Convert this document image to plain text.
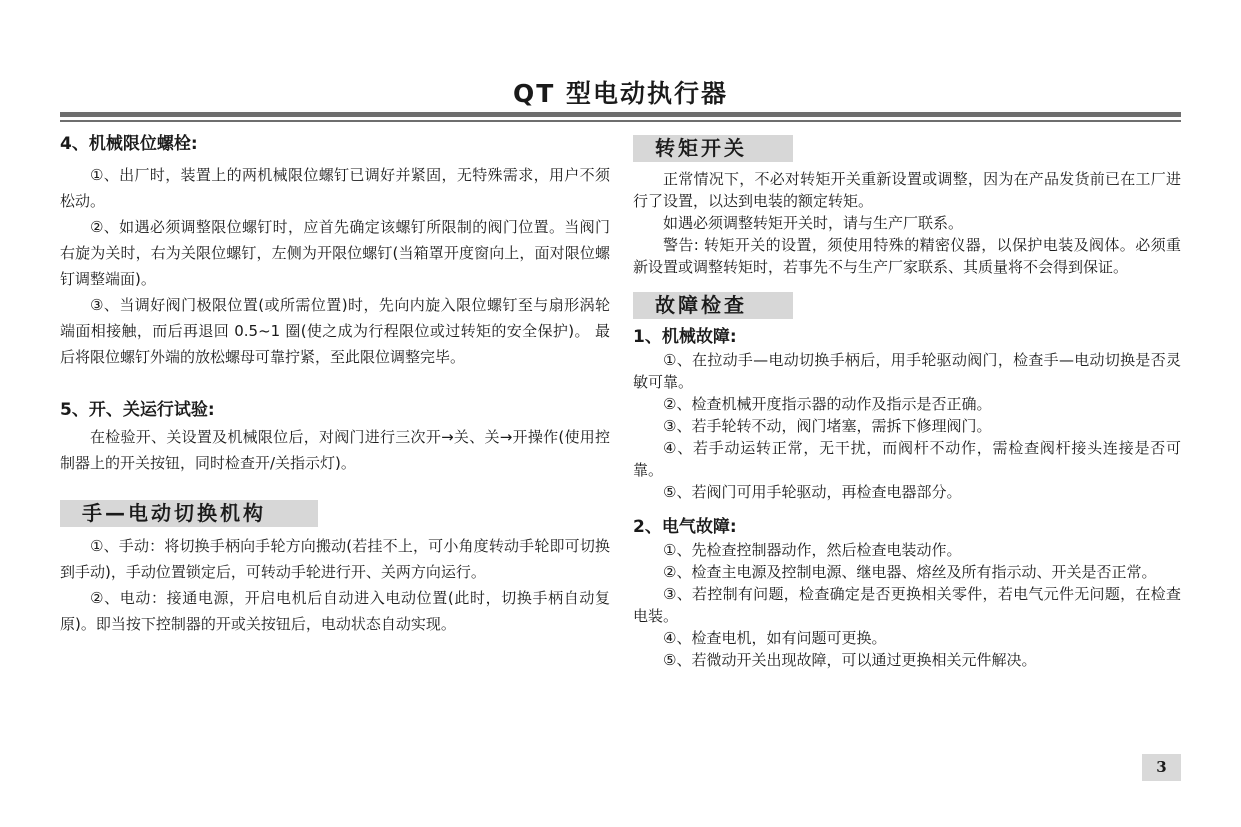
QT 型电动执行器
4、机械限位螺栓:

①、出厂时，装置上的两机械限位螺钉已调好并紧固，无特殊需求，用户不须松动。

②、如遇必须调整限位螺钉时，应首先确定该螺钉所限制的阀门位置。当阀门右旋为关时，右为关限位螺钉，左侧为开限位螺钉(当箱罩开度窗向上，面对限位螺钉调整端面)。

③、当调好阀门极限位置(或所需位置)时，先向内旋入限位螺钉至与扇形涡轮端面相接触，而后再退回 0.5~1 圈(使之成为行程限位或过转矩的安全保护)。 最后将限位螺钉外端的放松螺母可靠拧紧，至此限位调整完毕。

5、开、关运行试验:

在检验开、关设置及机械限位后，对阀门进行三次开→关、关→开操作(使用控制器上的开关按钮，同时检查开/关指示灯)。

手—电动切换机构

①、手动：将切换手柄向手轮方向搬动(若挂不上，可小角度转动手轮即可切换到手动)，手动位置锁定后，可转动手轮进行开、关两方向运行。

②、电动：接通电源，开启电机后自动进入电动位置(此时，切换手柄自动复原)。即当按下控制器的开或关按钮后，电动状态自动实现。

转矩开关

正常情况下，不必对转矩开关重新设置或调整，因为在产品发货前已在工厂进行了设置，以达到电装的额定转矩。

如遇必须调整转矩开关时，请与生产厂联系。

警告: 转矩开关的设置，须使用特殊的精密仪器，以保护电装及阀体。必须重新设置或调整转矩时，若事先不与生产厂家联系、其质量将不会得到保证。

故障检查
1、机械故障:

①、在拉动手—电动切换手柄后，用手轮驱动阀门，检查手—电动切换是否灵敏可靠。

②、检查机械开度指示器的动作及指示是否正确。

③、若手轮转不动，阀门堵塞，需拆下修理阀门。

④、若手动运转正常，无干扰，而阀杆不动作，需检查阀杆接头连接是否可靠。

⑤、若阀门可用手轮驱动，再检查电器部分。

2、电气故障:

①、先检查控制器动作，然后检查电装动作。

②、检查主电源及控制电源、继电器、熔丝及所有指示动、开关是否正常。

③、若控制有问题，检查确定是否更换相关零件，若电气元件无问题，在检查电装。

④、检查电机，如有问题可更换。

⑤、若微动开关出现故障，可以通过更换相关元件解决。

3
